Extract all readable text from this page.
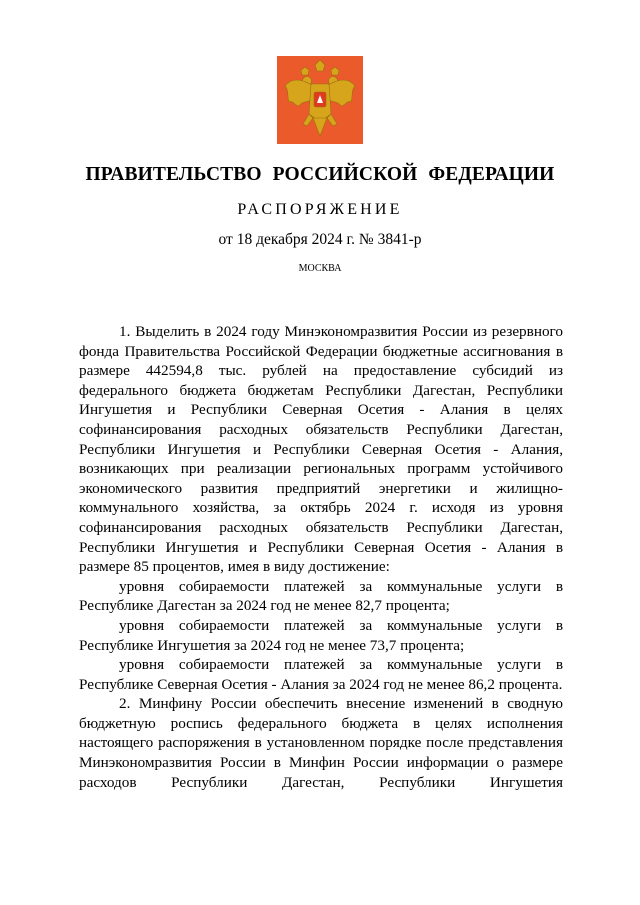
ПРАВИТЕЛЬСТВО РОССИЙСКОЙ ФЕДЕРАЦИИ
РАСПОРЯЖЕНИЕ
от 18 декабря 2024 г. № 3841-р
МОСКВА

1. Выделить в 2024 году Минэкономразвития России из резервного фонда Правительства Российской Федерации бюджетные ассигнования в размере 442594,8 тыс. рублей на предоставление субсидий из федерального бюджета бюджетам Республики Дагестан, Республики Ингушетия и Республики Северная Осетия - Алания в целях софинансирования расходных обязательств Республики Дагестан, Республики Ингушетия и Республики Северная Осетия - Алания, возникающих при реализации региональных программ устойчивого экономического развития предприятий энергетики и жилищно-коммунального хозяйства, за октябрь 2024 г. исходя из уровня софинансирования расходных обязательств Республики Дагестан, Республики Ингушетия и Республики Северная Осетия - Алания в размере 85 процентов, имея в виду достижение:

уровня собираемости платежей за коммунальные услуги в Республике Дагестан за 2024 год не менее 82,7 процента;

уровня собираемости платежей за коммунальные услуги в Республике Ингушетия за 2024 год не менее 73,7 процента;

уровня собираемости платежей за коммунальные услуги в Республике Северная Осетия - Алания за 2024 год не менее 86,2 процента.

2. Минфину России обеспечить внесение изменений в сводную бюджетную роспись федерального бюджета в целях исполнения настоящего распоряжения в установленном порядке после представления Минэкономразвития России в Минфин России информации о размере расходов Республики Дагестан, Республики Ингушетия
